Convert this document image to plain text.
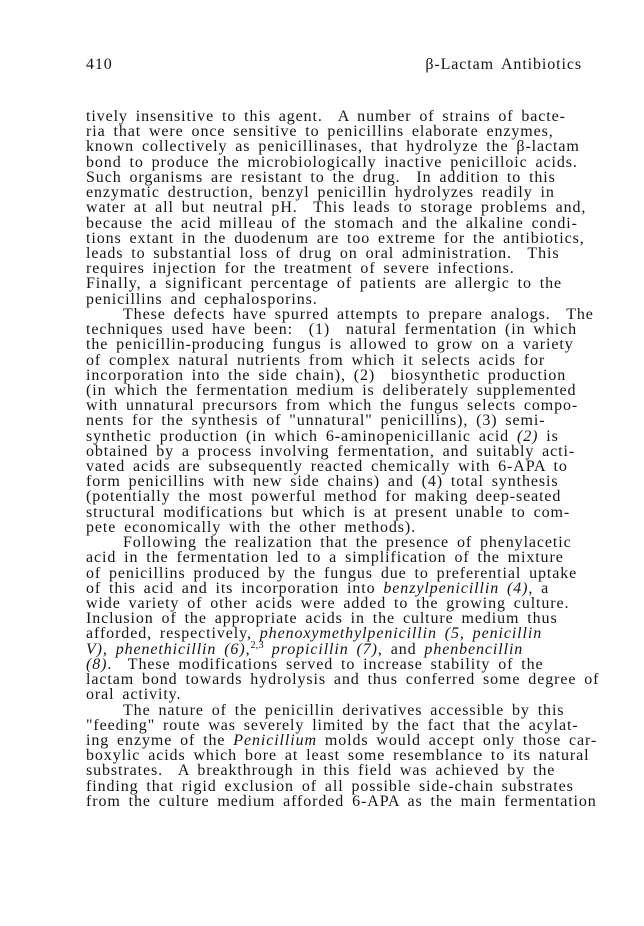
410	β-Lactam Antibiotics
tively insensitive to this agent.  A number of strains of bacte-
ria that were once sensitive to penicillins elaborate enzymes,
known collectively as penicillinases, that hydrolyze the β-lactam
bond to produce the microbiologically inactive penicilloic acids.
Such organisms are resistant to the drug.  In addition to this
enzymatic destruction, benzyl penicillin hydrolyzes readily in
water at all but neutral pH.  This leads to storage problems and,
because the acid milleau of the stomach and the alkaline condi-
tions extant in the duodenum are too extreme for the antibiotics,
leads to substantial loss of drug on oral administration.  This
requires injection for the treatment of severe infections.
Finally, a significant percentage of patients are allergic to the
penicillins and cephalosporins.
These defects have spurred attempts to prepare analogs.  The
techniques used have been:  (1)  natural fermentation (in which
the penicillin-producing fungus is allowed to grow on a variety
of complex natural nutrients from which it selects acids for
incorporation into the side chain), (2)  biosynthetic production
(in which the fermentation medium is deliberately supplemented
with unnatural precursors from which the fungus selects compo-
nents for the synthesis of "unnatural" penicillins), (3) semi-
synthetic production (in which 6-aminopenicillanic acid (2) is
obtained by a process involving fermentation, and suitably acti-
vated acids are subsequently reacted chemically with 6-APA to
form penicillins with new side chains) and (4) total synthesis
(potentially the most powerful method for making deep-seated
structural modifications but which is at present unable to com-
pete economically with the other methods).
Following the realization that the presence of phenylacetic
acid in the fermentation led to a simplification of the mixture
of penicillins produced by the fungus due to preferential uptake
of this acid and its incorporation into benzylpenicillin (4), a
wide variety of other acids were added to the growing culture.
Inclusion of the appropriate acids in the culture medium thus
afforded, respectively, phenoxymethylpenicillin (5, penicillin
V), phenethicillin (6),$^{2,3}$ propicillin (7), and phenbencillin
(8).  These modifications served to increase stability of the
lactam bond towards hydrolysis and thus conferred some degree of
oral activity.
The nature of the penicillin derivatives accessible by this
"feeding" route was severely limited by the fact that the acylat-
ing enzyme of the Penicillium molds would accept only those car-
boxylic acids which bore at least some resemblance to its natural
substrates.  A breakthrough in this field was achieved by the
finding that rigid exclusion of all possible side-chain substrates
from the culture medium afforded 6-APA as the main fermentation
